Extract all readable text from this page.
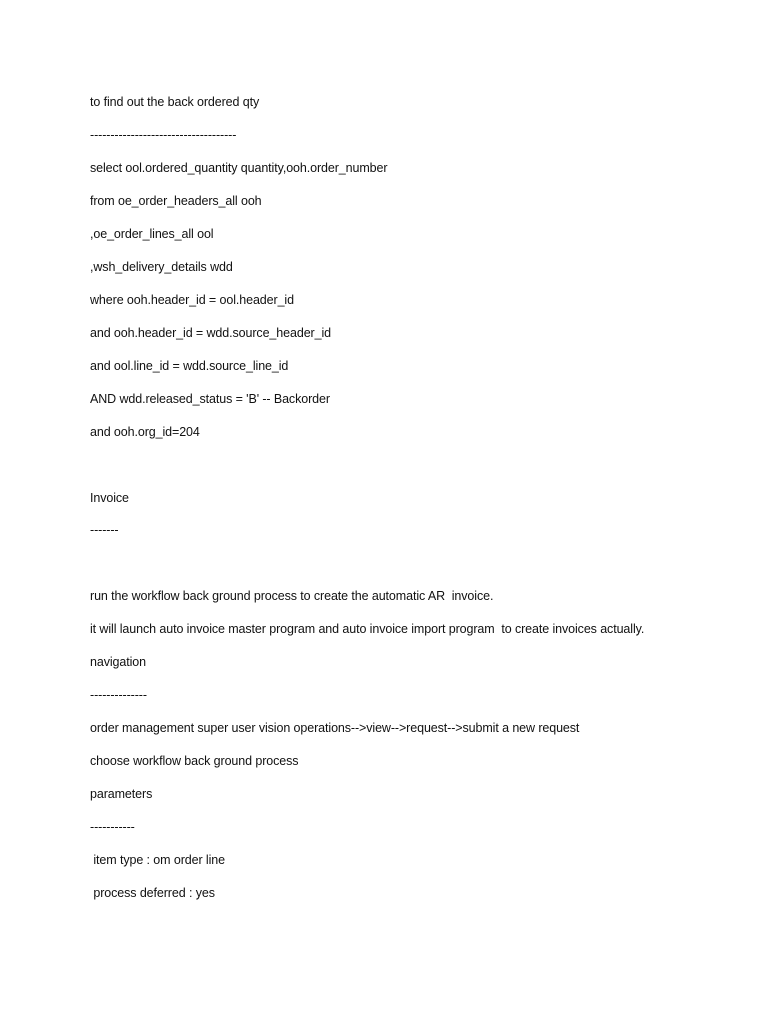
to find out the back ordered qty

------------------------------------

select ool.ordered_quantity quantity,ooh.order_number

from oe_order_headers_all ooh

,oe_order_lines_all ool

,wsh_delivery_details wdd

where ooh.header_id = ool.header_id

and ooh.header_id = wdd.source_header_id

and ool.line_id = wdd.source_line_id

AND wdd.released_status = 'B' -- Backorder

and ooh.org_id=204

Invoice

-------

run the workflow back ground process to create the automatic AR  invoice.

it will launch auto invoice master program and auto invoice import program  to create invoices actually.

navigation

--------------

order management super user vision operations-->view-->request-->submit a new request

choose workflow back ground process

parameters

-----------

item type : om order line

process deferred : yes
